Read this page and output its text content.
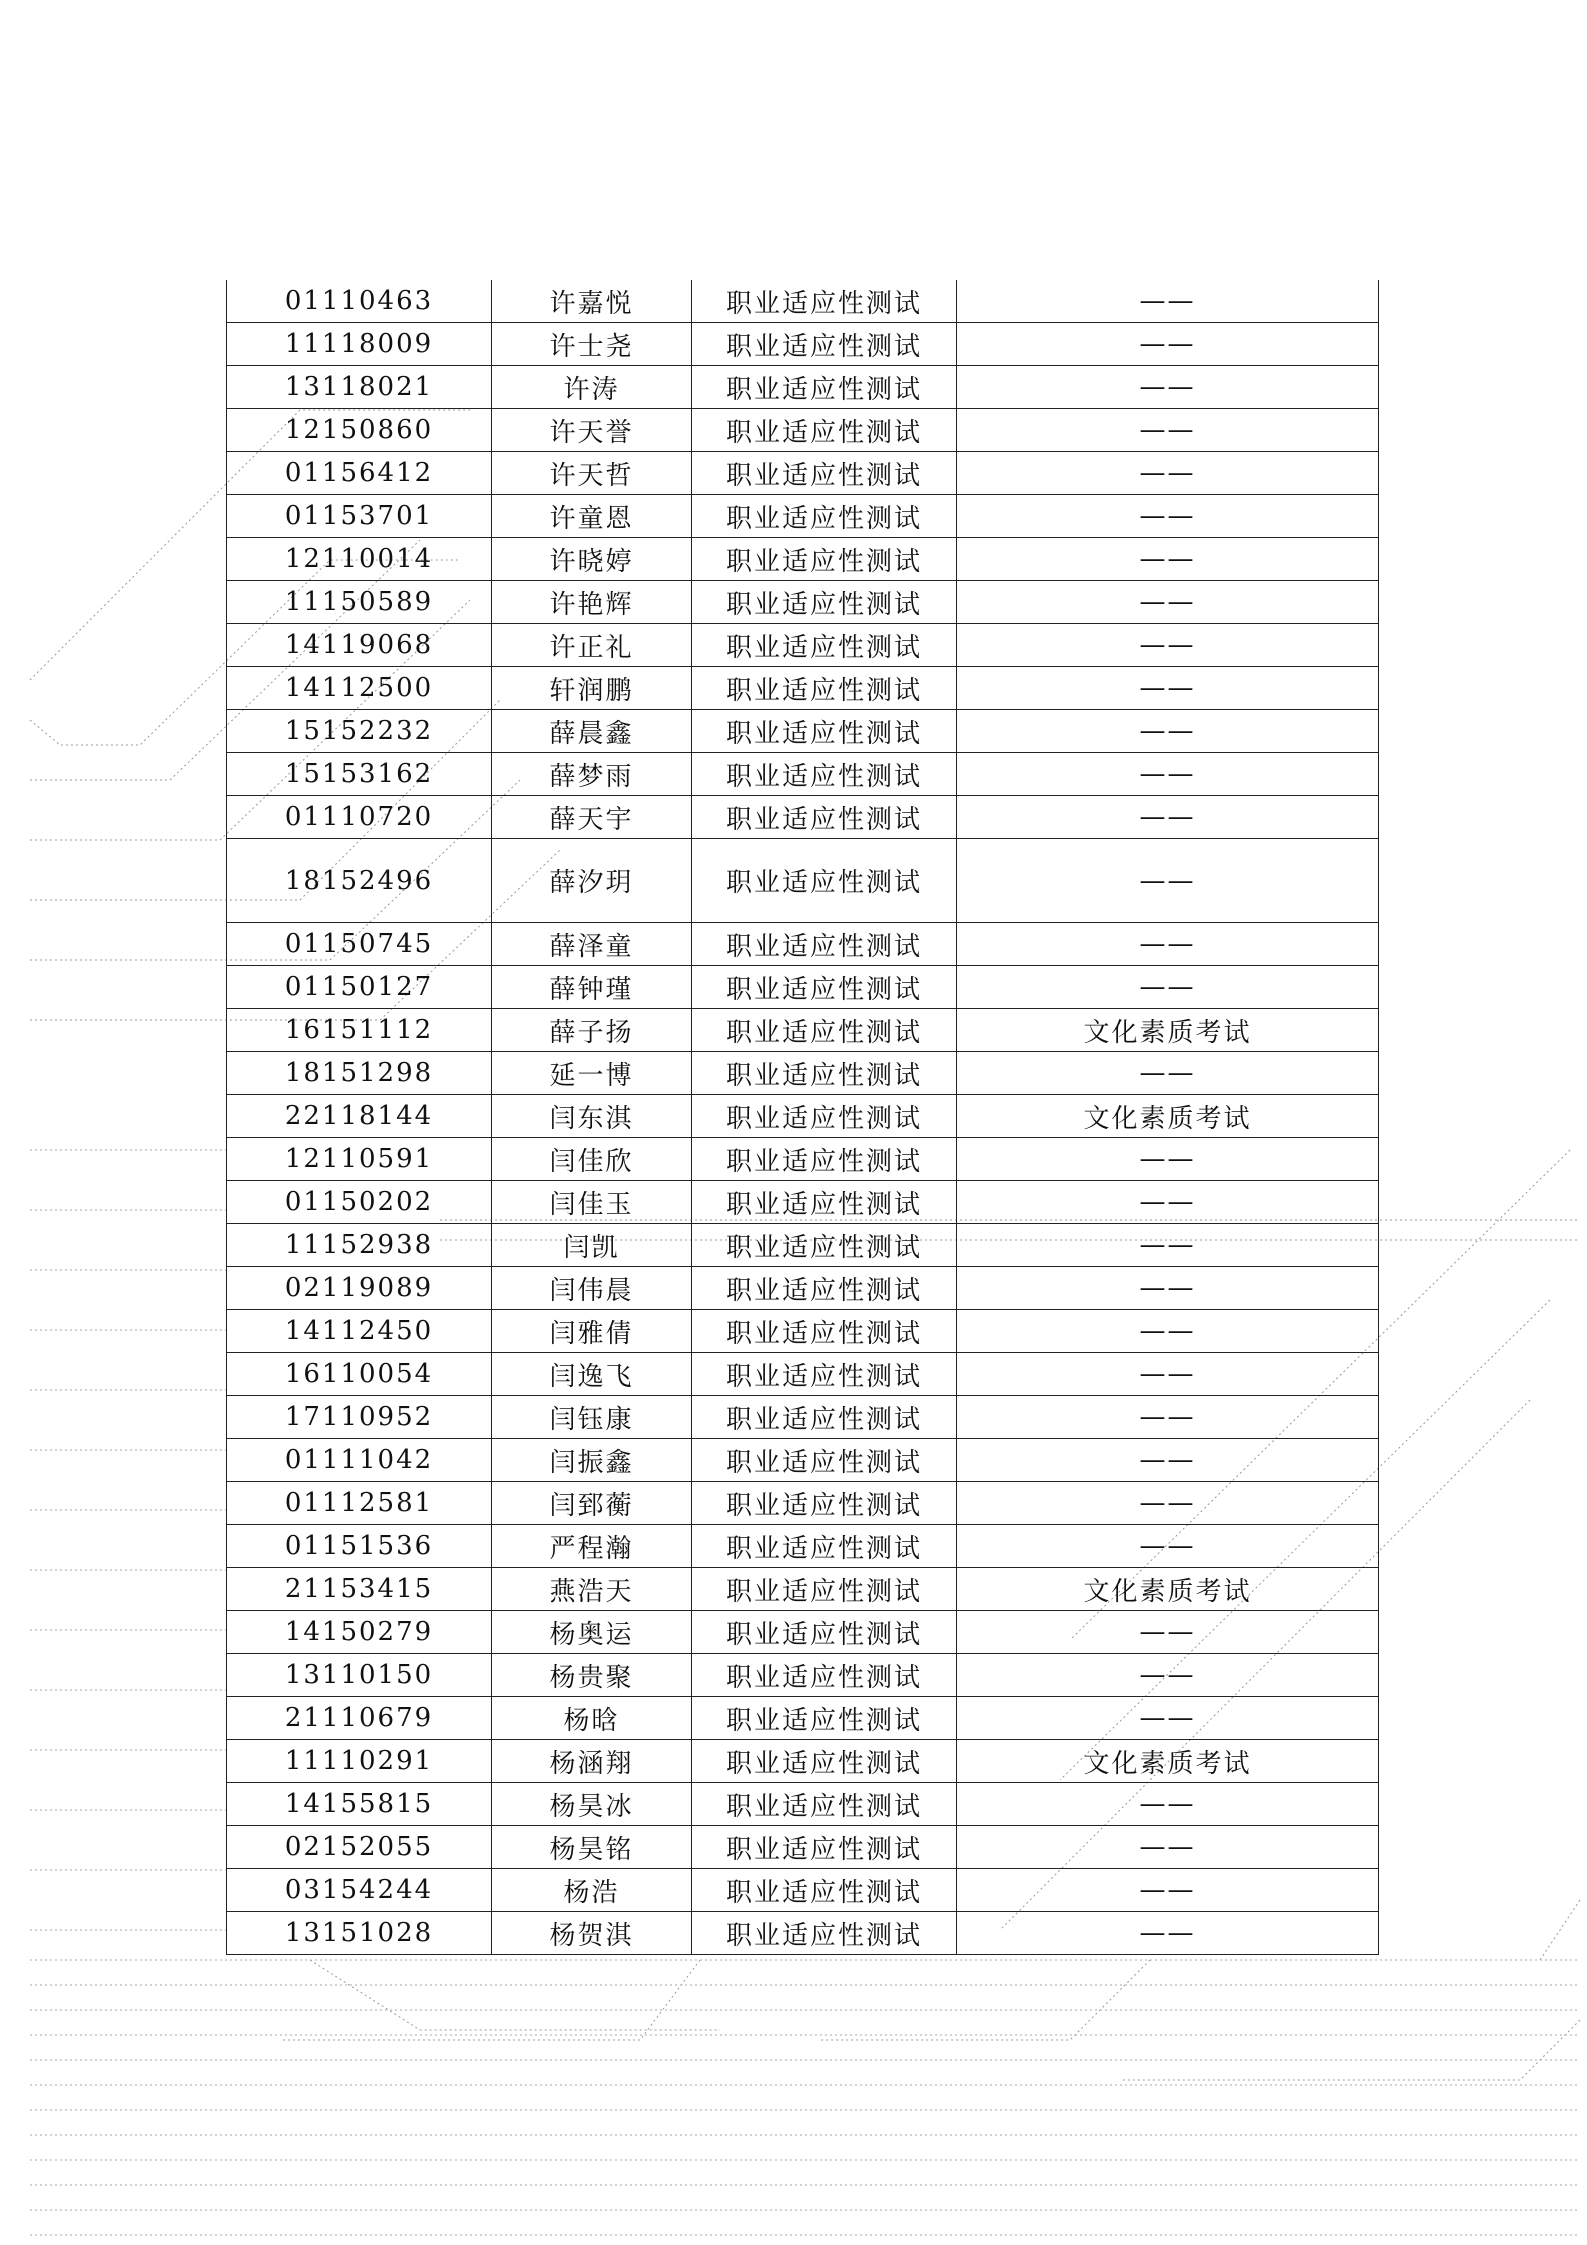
01110463	许嘉悦	职业适应性测试	——
11118009	许士尧	职业适应性测试	——
13118021	许涛	职业适应性测试	——
12150860	许天誉	职业适应性测试	——
01156412	许天哲	职业适应性测试	——
01153701	许童恩	职业适应性测试	——
12110014	许晓婷	职业适应性测试	——
11150589	许艳辉	职业适应性测试	——
14119068	许正礼	职业适应性测试	——
14112500	轩润鹏	职业适应性测试	——
15152232	薛晨鑫	职业适应性测试	——
15153162	薛梦雨	职业适应性测试	——
01110720	薛天宇	职业适应性测试	——
18152496	薛汐玥	职业适应性测试	——
01150745	薛泽童	职业适应性测试	——
01150127	薛钟瑾	职业适应性测试	——
16151112	薛子扬	职业适应性测试	文化素质考试
18151298	延一博	职业适应性测试	——
22118144	闫东淇	职业适应性测试	文化素质考试
12110591	闫佳欣	职业适应性测试	——
01150202	闫佳玉	职业适应性测试	——
11152938	闫凯	职业适应性测试	——
02119089	闫伟晨	职业适应性测试	——
14112450	闫雅倩	职业适应性测试	——
16110054	闫逸飞	职业适应性测试	——
17110952	闫钰康	职业适应性测试	——
01111042	闫振鑫	职业适应性测试	——
01112581	闫郅蘅	职业适应性测试	——
01151536	严程瀚	职业适应性测试	——
21153415	燕浩天	职业适应性测试	文化素质考试
14150279	杨奥运	职业适应性测试	——
13110150	杨贵聚	职业适应性测试	——
21110679	杨晗	职业适应性测试	——
11110291	杨涵翔	职业适应性测试	文化素质考试
14155815	杨昊冰	职业适应性测试	——
02152055	杨昊铭	职业适应性测试	——
03154244	杨浩	职业适应性测试	——
13151028	杨贺淇	职业适应性测试	——
